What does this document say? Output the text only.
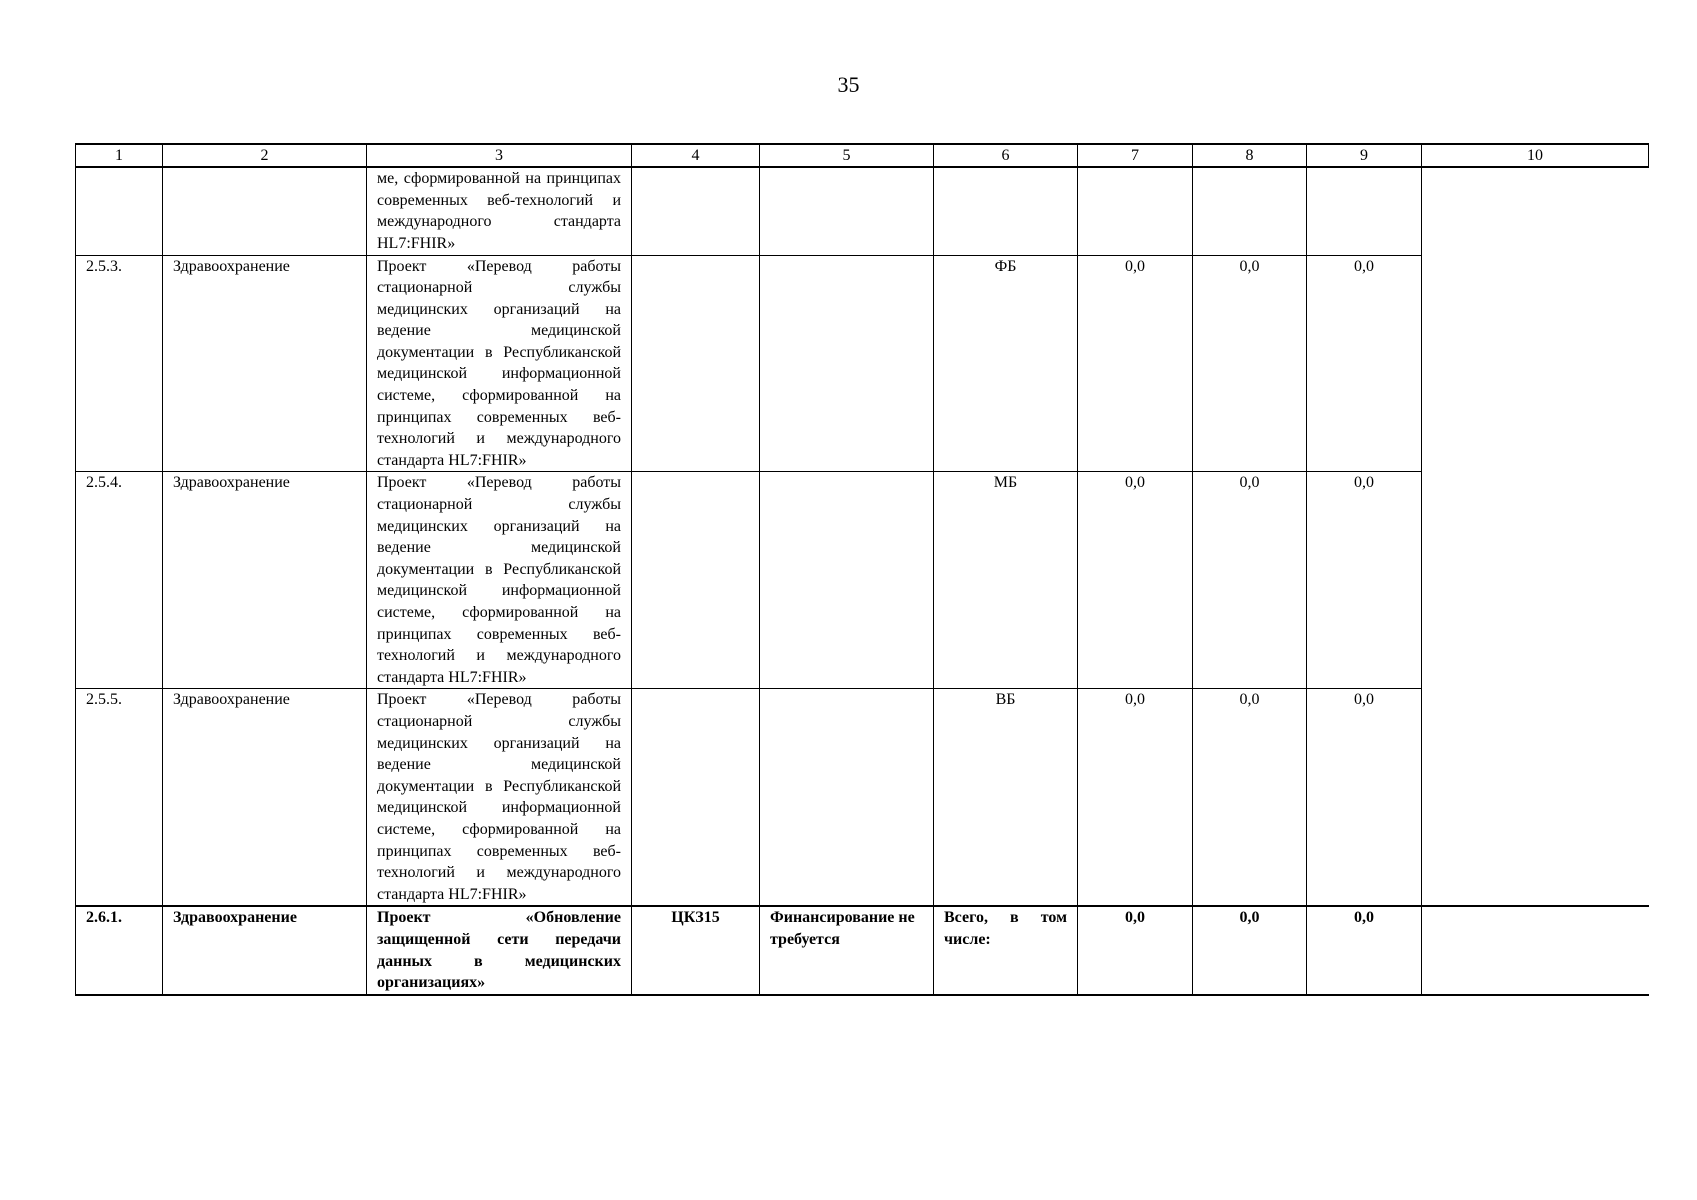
35
1	2	3	4	5	6	7	8	9	10
		ме, сформированной на принципах современных веб-технологий и международного стандарта HL7:FHIR»							
2.5.3.	Здравоохранение	Проект «Перевод работы стационарной службы медицинских организаций на ведение медицинской документации в Республиканской медицинской информационной системе, сформированной на принципах современных веб-технологий и международного стандарта HL7:FHIR»			ФБ	0,0	0,0	0,0	
2.5.4.	Здравоохранение	Проект «Перевод работы стационарной службы медицинских организаций на ведение медицинской документации в Республиканской медицинской информационной системе, сформированной на принципах современных веб-технологий и международного стандарта HL7:FHIR»			МБ	0,0	0,0	0,0	
2.5.5.	Здравоохранение	Проект «Перевод работы стационарной службы медицинских организаций на ведение медицинской документации в Республиканской медицинской информационной системе, сформированной на принципах современных веб-технологий и международного стандарта HL7:FHIR»			ВБ	0,0	0,0	0,0	
2.6.1.	Здравоохранение	Проект «Обновление защищенной сети передачи данных в медицинских организациях»	ЦКЗ15	Финансирование не требуется	Всего, в том числе:	0,0	0,0	0,0	
